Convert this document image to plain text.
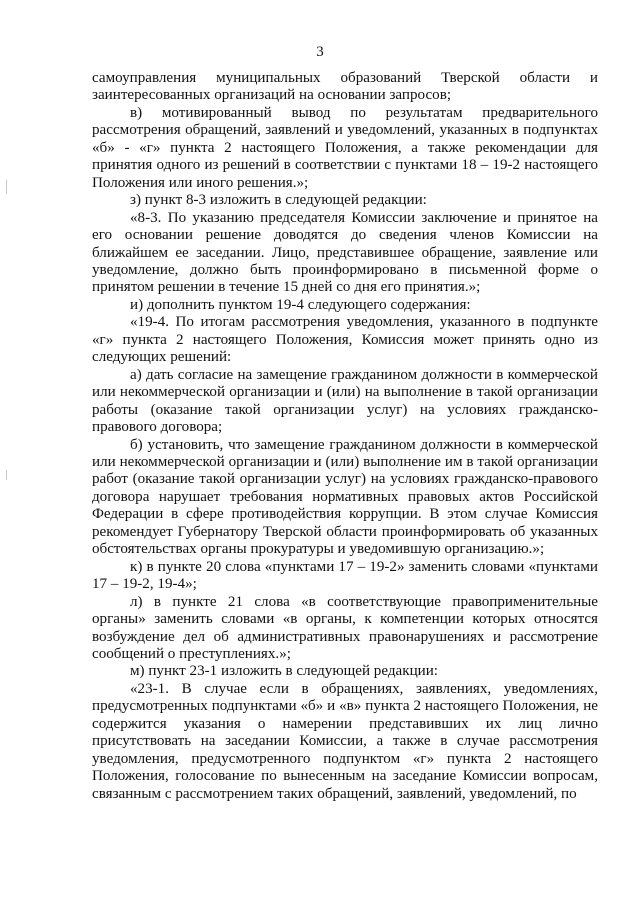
3

самоуправления муниципальных образований Тверской области и заинтересованных организаций на основании запросов;

в) мотивированный вывод по результатам предварительного рассмотрения обращений, заявлений и уведомлений, указанных в подпунктах «б» - «г» пункта 2 настоящего Положения, а также рекомендации для принятия одного из решений в соответствии с пунктами 18 – 19-2 настоящего Положения или иного решения.»;

з) пункт 8-3 изложить в следующей редакции:

«8-3. По указанию председателя Комиссии заключение и принятое на его основании решение доводятся до сведения членов Комиссии на ближайшем ее заседании. Лицо, представившее обращение, заявление или уведомление, должно быть проинформировано в письменной форме о принятом решении в течение 15 дней со дня его принятия.»;

и) дополнить пунктом 19-4 следующего содержания:

«19-4. По итогам рассмотрения уведомления, указанного в подпункте «г» пункта 2 настоящего Положения, Комиссия может принять одно из следующих решений:

а) дать согласие на замещение гражданином должности в коммерческой или некоммерческой организации и (или) на выполнение в такой организации работы (оказание такой организации услуг) на условиях гражданско-правового договора;

б) установить, что замещение гражданином должности в коммерческой или некоммерческой организации и (или) выполнение им в такой организации работ (оказание такой организации услуг) на условиях гражданско-правового договора нарушает требования нормативных правовых актов Российской Федерации в сфере противодействия коррупции. В этом случае Комиссия рекомендует Губернатору Тверской области проинформировать об указанных обстоятельствах органы прокуратуры и уведомившую организацию.»;

к) в пункте 20 слова «пунктами 17 – 19-2» заменить словами «пунктами 17 – 19-2, 19-4»;

л) в пункте 21 слова «в соответствующие правоприменительные органы» заменить словами «в органы, к компетенции которых относятся возбуждение дел об административных правонарушениях и рассмотрение сообщений о преступлениях.»;

м) пункт 23-1 изложить в следующей редакции:

«23-1. В случае если в обращениях, заявлениях, уведомлениях, предусмотренных подпунктами «б» и «в» пункта 2 настоящего Положения, не содержится указания о намерении представивших их лиц лично присутствовать на заседании Комиссии, а также в случае рассмотрения уведомления, предусмотренного подпунктом «г» пункта 2 настоящего Положения, голосование по вынесенным на заседание Комиссии вопросам, связанным с рассмотрением таких обращений, заявлений, уведомлений, по
